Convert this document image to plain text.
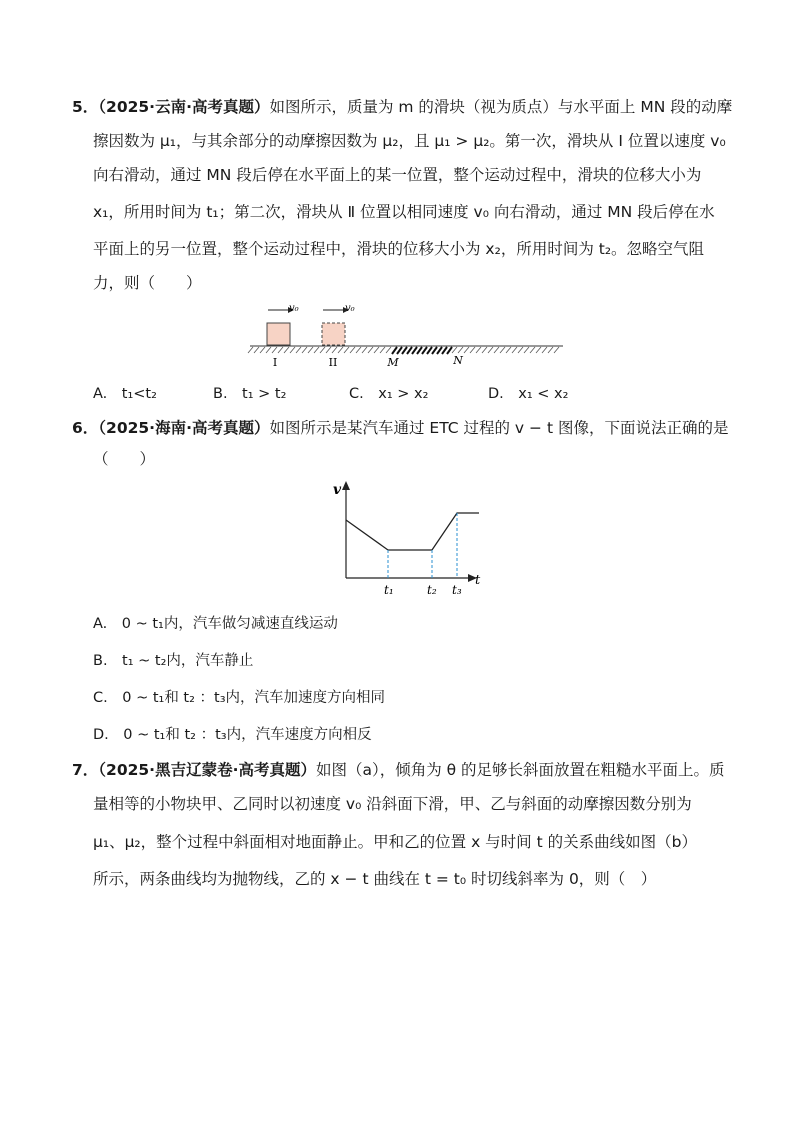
5．（2025·云南·高考真题）如图所示，质量为 m 的滑块（视为质点）与水平面上 MN 段的动摩
擦因数为 μ₁，与其余部分的动摩擦因数为 μ₂，且 μ₁ > μ₂。第一次，滑块从 I 位置以速度 v₀
向右滑动，通过 MN 段后停在水平面上的某一位置，整个运动过程中，滑块的位移大小为
x₁，所用时间为 t₁；第二次，滑块从 Ⅱ 位置以相同速度 v₀ 向右滑动，通过 MN 段后停在水
平面上的另一位置，整个运动过程中，滑块的位移大小为 x₂，所用时间为 t₂。忽略空气阻
力，则（　　）
v₀	v₀
I	II	M	N
A.　t₁<t₂	B.　t₁ > t₂	C.　x₁ > x₂	D.　x₁ < x₂
6．（2025·海南·高考真题）如图所示是某汽车通过 ETC 过程的 v − t 图像，下面说法正确的是
（　　）
v
t
t₁	t₂ t₃
A.　0 ~ t₁内，汽车做匀减速直线运动
B.　t₁ ~ t₂内，汽车静止
C.　0 ~ t₁和 t₂ ：t₃内，汽车加速度方向相同
D.　0 ~ t₁和 t₂ ：t₃内，汽车速度方向相反
7．（2025·黑吉辽蒙卷·高考真题）如图（a），倾角为 θ 的足够长斜面放置在粗糙水平面上。质
量相等的小物块甲、乙同时以初速度 v₀ 沿斜面下滑，甲、乙与斜面的动摩擦因数分别为
μ₁、μ₂，整个过程中斜面相对地面静止。甲和乙的位置 x 与时间 t 的关系曲线如图（b）
所示，两条曲线均为抛物线，乙的 x − t 曲线在 t = t₀ 时切线斜率为 0，则（　）
